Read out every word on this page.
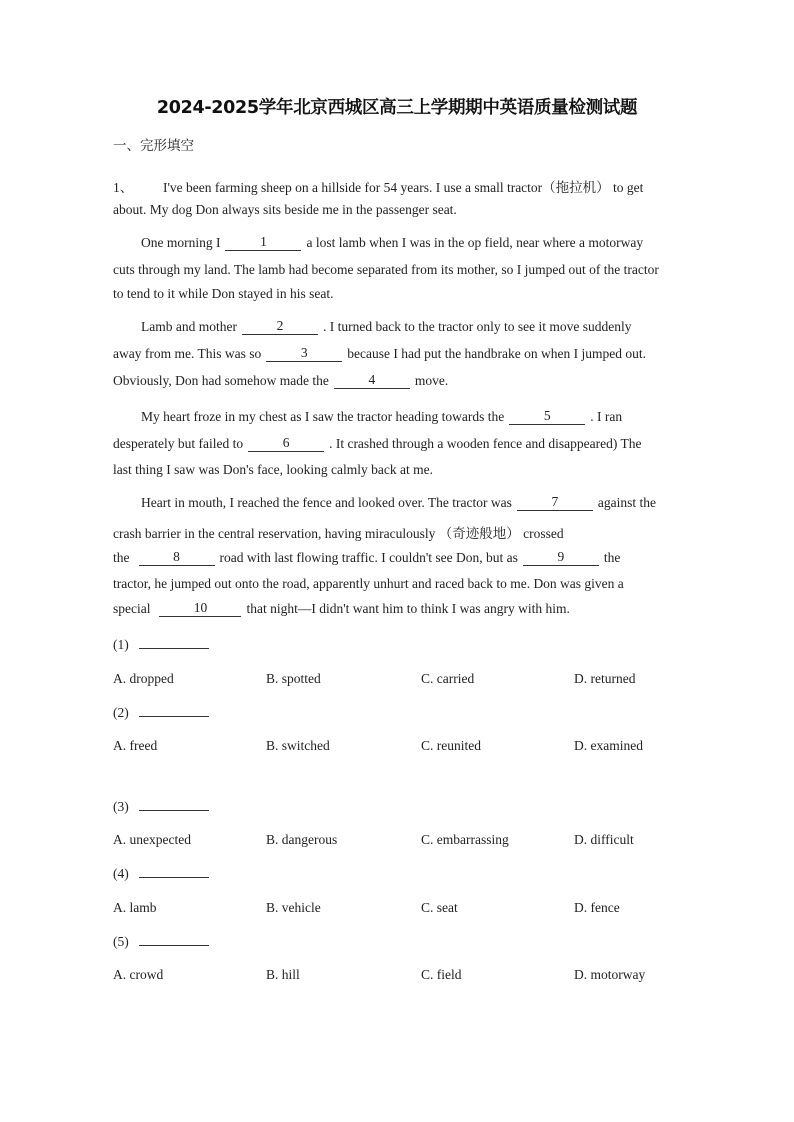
2024-2025学年北京西城区高三上学期期中英语质量检测试题
一、完形填空
1、 I've been farming sheep on a hillside for 54 years. I use a small tractor（拖拉机） to get
about. My dog Don always sits beside me in the passenger seat.
One morning I	1	a lost lamb when I was in the op field, near where a motorway
cuts through my land. The lamb had become separated from its mother, so I jumped out of the tractor
to tend to it while Don stayed in his seat.
Lamb and mother	2	. I turned back to the tractor only to see it move suddenly
away from me. This was so	3	because I had put the handbrake on when I jumped out.
Obviously, Don had somehow made the	4	move.
My heart froze in my chest as I saw the tractor heading towards the	5	. I ran
desperately but failed to	6	. It crashed through a wooden fence and disappeared) The
last thing I saw was Don's face, looking calmly back at me.
Heart in mouth, I reached the fence and looked over. The tractor was	7	against the
crash barrier in the central reservation, having miraculously （奇迹般地） crossed
the	8	road with last flowing traffic. I couldn't see Don, but as	9	the
tractor, he jumped out onto the road, apparently unhurt and raced back to me. Don was given a
special	10	that night—I didn't want him to think I was angry with him.
(1)
A. dropped	B. spotted	C. carried	D. returned
(2)
A. freed	B. switched	C. reunited	D. examined
(3)
A. unexpected	B. dangerous	C. embarrassing	D. difficult
(4)
A. lamb	B. vehicle	C. seat	D. fence
(5)
A. crowd	B. hill	C. field	D. motorway
